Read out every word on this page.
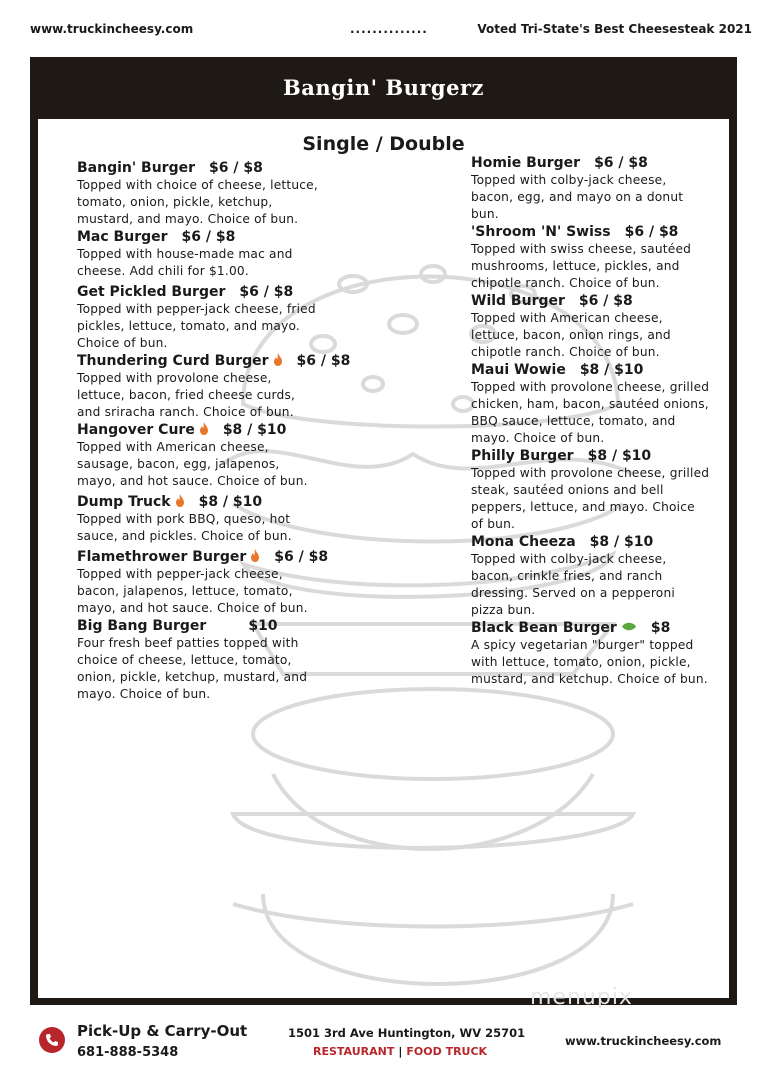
www.truckincheesy.com	..............	Voted Tri-State's Best Cheesesteak 2021
Bangin' Burgerz
Single / Double
Bangin' Burger $6 / $8
Topped with choice of cheese, lettuce, tomato, onion, pickle, ketchup, mustard, and mayo. Choice of bun.
Mac Burger $6 / $8
Topped with house-made mac and cheese. Add chili for $1.00.
Get Pickled Burger $6 / $8
Topped with pepper-jack cheese, fried pickles, lettuce, tomato, and mayo. Choice of bun.
Thundering Curd Burger $6 / $8
Topped with provolone cheese, lettuce, bacon, fried cheese curds, and sriracha ranch. Choice of bun.
Hangover Cure $8 / $10
Topped with American cheese, sausage, bacon, egg, jalapenos, mayo, and hot sauce. Choice of bun.
Dump Truck $8 / $10
Topped with pork BBQ, queso, hot sauce, and pickles. Choice of bun.
Flamethrower Burger $6 / $8
Topped with pepper-jack cheese, bacon, jalapenos, lettuce, tomato, mayo, and hot sauce. Choice of bun.
Big Bang Burger	$10
Four fresh beef patties topped with choice of cheese, lettuce, tomato, onion, pickle, ketchup, mustard, and mayo. Choice of bun.
Homie Burger $6 / $8
Topped with colby-jack cheese, bacon, egg, and mayo on a donut bun.
'Shroom 'N' Swiss $6 / $8
Topped with swiss cheese, sautéed mushrooms, lettuce, pickles, and chipotle ranch. Choice of bun.
Wild Burger $6 / $8
Topped with American cheese, lettuce, bacon, onion rings, and chipotle ranch. Choice of bun.
Maui Wowie $8 / $10
Topped with provolone cheese, grilled chicken, ham, bacon, sautéed onions, BBQ sauce, lettuce, tomato, and mayo. Choice of bun.
Philly Burger $8 / $10
Topped with provolone cheese, grilled steak, sautéed onions and bell peppers, lettuce, and mayo. Choice of bun.
Mona Cheeza $8 / $10
Topped with colby-jack cheese, bacon, crinkle fries, and ranch dressing. Served on a pepperoni pizza bun.
Black Bean Burger $8
A spicy vegetarian "burger" topped with lettuce, tomato, onion, pickle, mustard, and ketchup. Choice of bun.
menupix
Pick-Up & Carry-Out
681-888-5348
1501 3rd Ave Huntington, WV 25701
RESTAURANT | FOOD TRUCK
www.truckincheesy.com
